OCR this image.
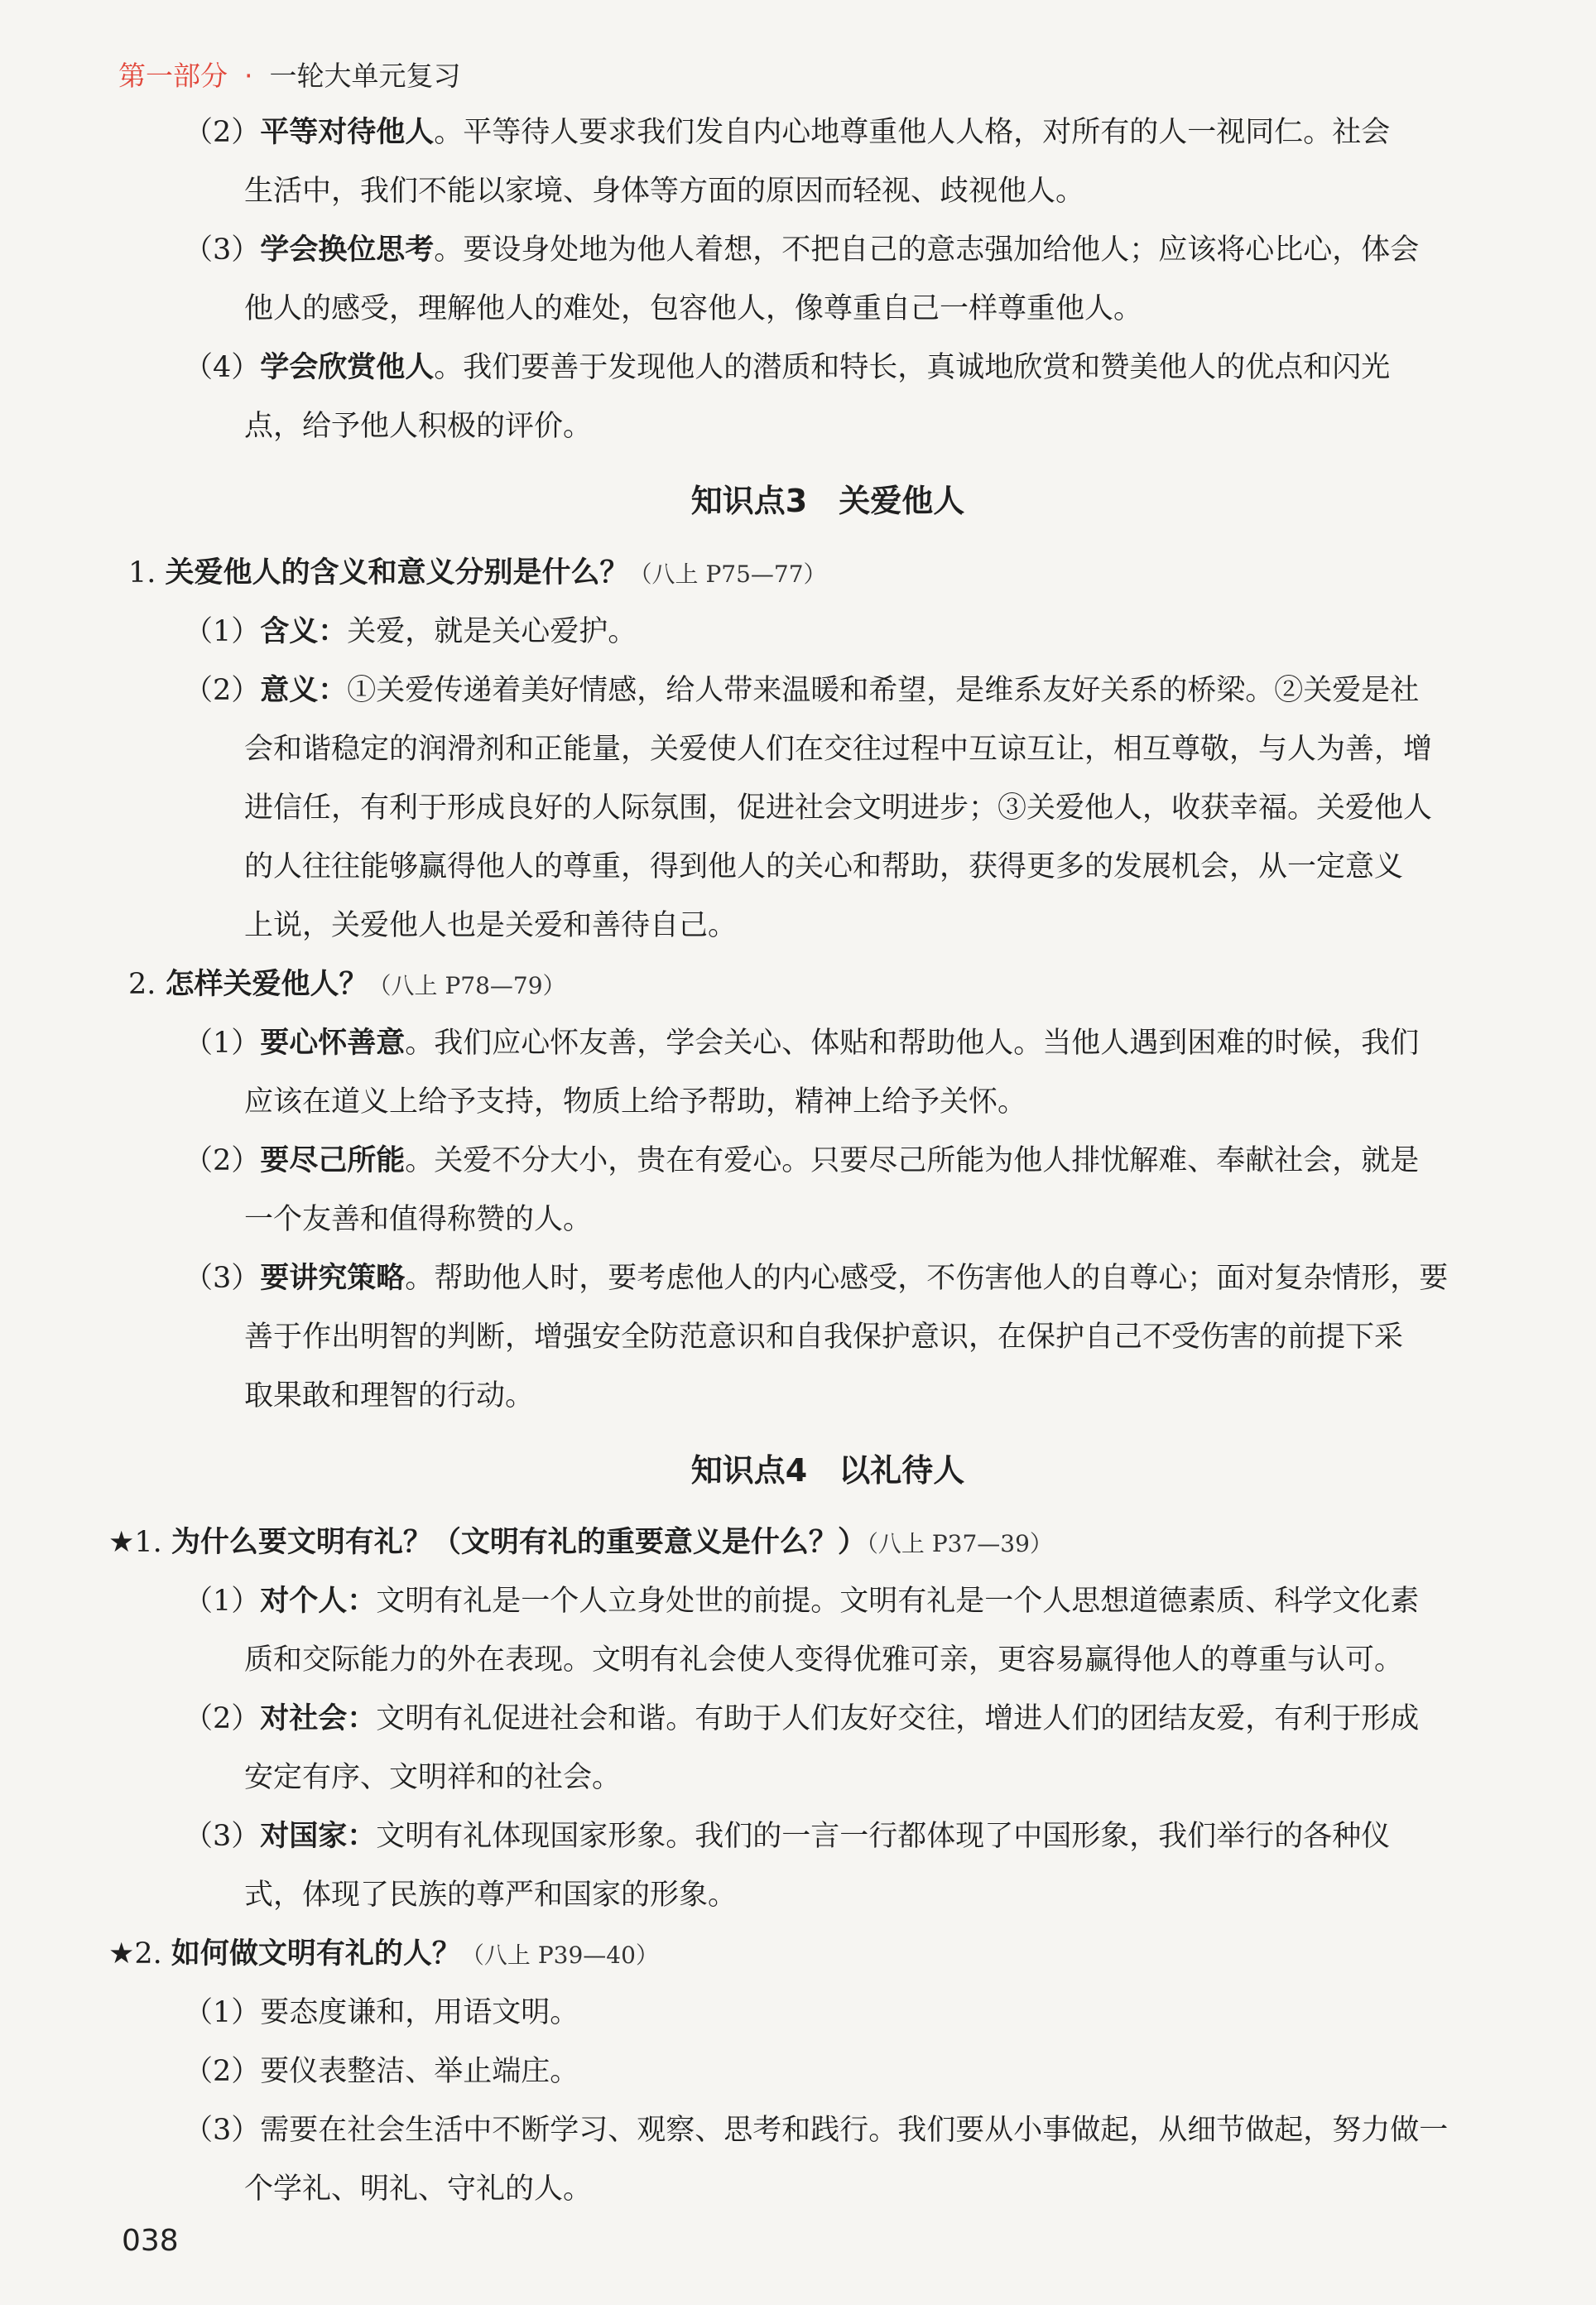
第一部分 · 一轮大单元复习
（2）平等对待他人。平等待人要求我们发自内心地尊重他人人格，对所有的人一视同仁。社会
生活中，我们不能以家境、身体等方面的原因而轻视、歧视他人。
（3）学会换位思考。要设身处地为他人着想，不把自己的意志强加给他人；应该将心比心，体会
他人的感受，理解他人的难处，包容他人，像尊重自己一样尊重他人。
（4）学会欣赏他人。我们要善于发现他人的潜质和特长，真诚地欣赏和赞美他人的优点和闪光
点，给予他人积极的评价。
知识点3　关爱他人
1. 关爱他人的含义和意义分别是什么？（八上 P75—77）
（1）含义：关爱，就是关心爱护。
（2）意义：①关爱传递着美好情感，给人带来温暖和希望，是维系友好关系的桥梁。②关爱是社
会和谐稳定的润滑剂和正能量，关爱使人们在交往过程中互谅互让，相互尊敬，与人为善，增
进信任，有利于形成良好的人际氛围，促进社会文明进步；③关爱他人，收获幸福。关爱他人
的人往往能够赢得他人的尊重，得到他人的关心和帮助，获得更多的发展机会，从一定意义
上说，关爱他人也是关爱和善待自己。
2. 怎样关爱他人？（八上 P78—79）
（1）要心怀善意。我们应心怀友善，学会关心、体贴和帮助他人。当他人遇到困难的时候，我们
应该在道义上给予支持，物质上给予帮助，精神上给予关怀。
（2）要尽己所能。关爱不分大小，贵在有爱心。只要尽己所能为他人排忧解难、奉献社会，就是
一个友善和值得称赞的人。
（3）要讲究策略。帮助他人时，要考虑他人的内心感受，不伤害他人的自尊心；面对复杂情形，要
善于作出明智的判断，增强安全防范意识和自我保护意识，在保护自己不受伤害的前提下采
取果敢和理智的行动。
知识点4　以礼待人
★1. 为什么要文明有礼？（文明有礼的重要意义是什么？）（八上 P37—39）
（1）对个人：文明有礼是一个人立身处世的前提。文明有礼是一个人思想道德素质、科学文化素
质和交际能力的外在表现。文明有礼会使人变得优雅可亲，更容易赢得他人的尊重与认可。
（2）对社会：文明有礼促进社会和谐。有助于人们友好交往，增进人们的团结友爱，有利于形成
安定有序、文明祥和的社会。
（3）对国家：文明有礼体现国家形象。我们的一言一行都体现了中国形象，我们举行的各种仪
式，体现了民族的尊严和国家的形象。
★2. 如何做文明有礼的人？（八上 P39—40）
（1）要态度谦和，用语文明。
（2）要仪表整洁、举止端庄。
（3）需要在社会生活中不断学习、观察、思考和践行。我们要从小事做起，从细节做起，努力做一
个学礼、明礼、守礼的人。
038
